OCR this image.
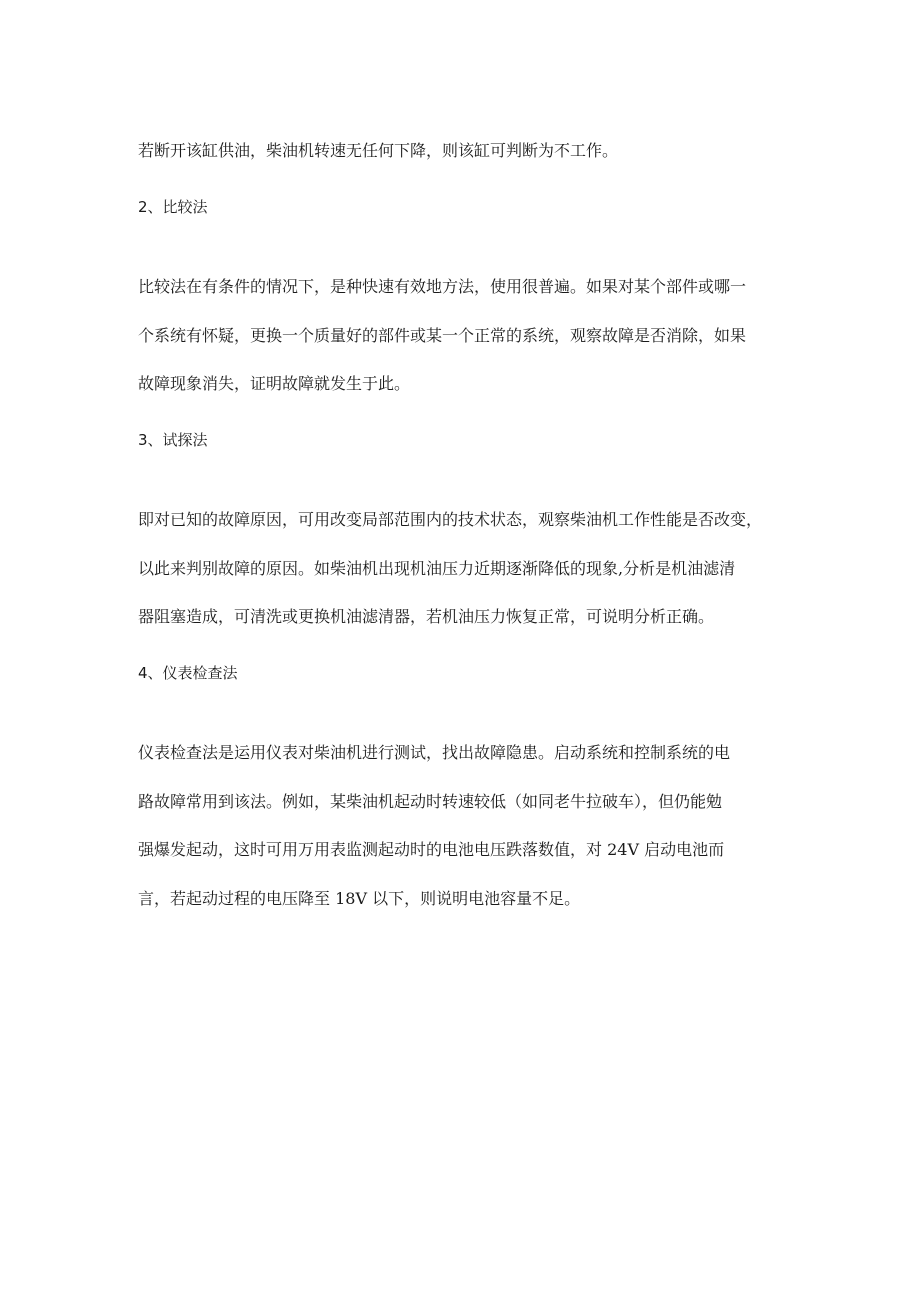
若断开该缸供油，柴油机转速无任何下降，则该缸可判断为不工作。
2、比较法
比较法在有条件的情况下，是种快速有效地方法，使用很普遍。如果对某个部件或哪一
个系统有怀疑，更换一个质量好的部件或某一个正常的系统，观察故障是否消除，如果
故障现象消失，证明故障就发生于此。
3、试探法
即对已知的故障原因，可用改变局部范围内的技术状态，观察柴油机工作性能是否改变，
以此来判别故障的原因。如柴油机出现机油压力近期逐渐降低的现象,分析是机油滤清
器阻塞造成，可清洗或更换机油滤清器，若机油压力恢复正常，可说明分析正确。
4、仪表检查法
仪表检查法是运用仪表对柴油机进行测试，找出故障隐患。启动系统和控制系统的电
路故障常用到该法。例如，某柴油机起动时转速较低（如同老牛拉破车），但仍能勉
强爆发起动，这时可用万用表监测起动时的电池电压跌落数值，对 24V 启动电池而
言，若起动过程的电压降至 18V 以下，则说明电池容量不足。
